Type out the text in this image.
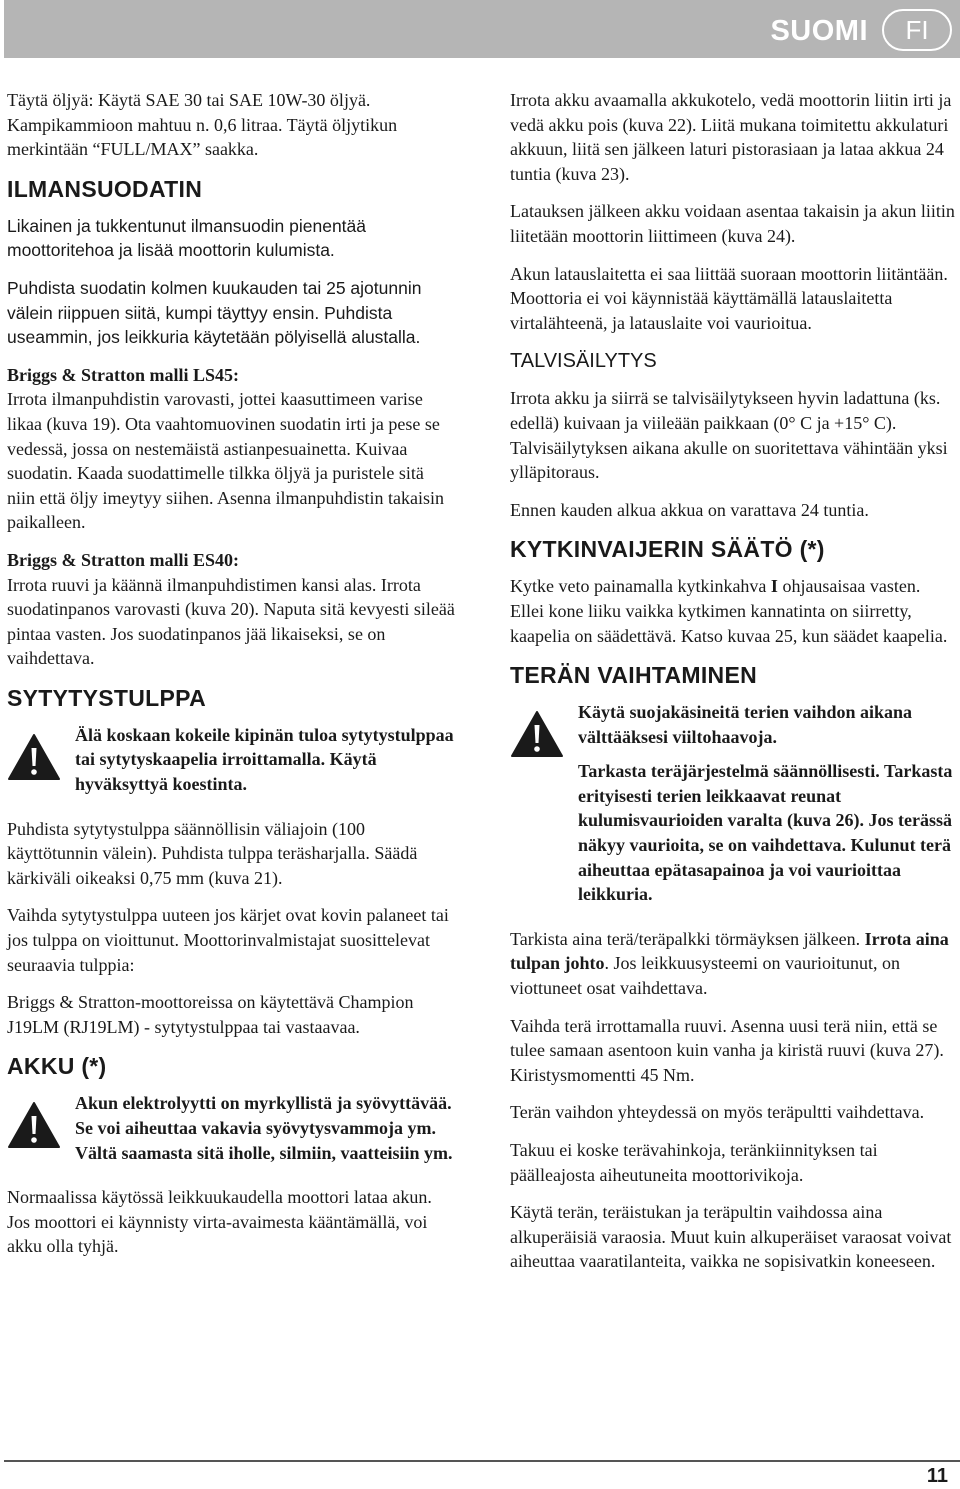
SUOMI	FI

Täytä öljyä: Käytä SAE 30 tai SAE 10W-30 öljyä. Kampikammioon mahtuu n. 0,6 litraa. Täytä öljytikun merkintään “FULL/MAX” saakka.

ILMANSUODATIN

Likainen ja tukkentunut ilmansuodin pienentää moottoritehoa ja lisää moottorin kulumista.

Puhdista suodatin kolmen kuukauden tai 25 ajotunnin välein riippuen siitä, kumpi täyttyy ensin. Puhdista useammin, jos leikkuria käytetään pölyisellä alustalla.

Briggs & Stratton malli LS45:

Irrota ilmanpuhdistin varovasti, jottei kaasuttimeen varise likaa (kuva 19). Ota vaahtomuovinen suodatin irti ja pese se vedessä, jossa on nestemäistä astianpesuainetta. Kuivaa suodatin. Kaada suodattimelle tilkka öljyä ja puristele sitä niin että öljy imeytyy siihen. Asenna ilmanpuhdistin takaisin paikalleen.

Briggs & Stratton malli ES40:

Irrota ruuvi ja käännä ilmanpuhdistimen kansi alas. Irrota suodatinpanos varovasti (kuva 20). Naputa sitä kevyesti sileää pintaa vasten. Jos suodatinpanos jää likaiseksi, se on vaihdettava.

SYTYTYSTULPPA

Älä koskaan kokeile kipinän tuloa sytytystulppaa tai sytytyskaapelia irroittamalla. Käytä hyväksyttyä koestinta.

Puhdista sytytystulppa säännöllisin väliajoin (100 käyttötunnin välein). Puhdista tulppa teräsharjalla. Säädä kärkiväli oikeaksi 0,75 mm (kuva 21).

Vaihda sytytystulppa uuteen jos kärjet ovat kovin palaneet tai jos tulppa on vioittunut. Moottorinvalmistajat suosittelevat seuraavia tulppia:

Briggs & Stratton-moottoreissa on käytettävä Champion J19LM (RJ19LM) - sytytystulppaa tai vastaavaa.

AKKU (*)

Akun elektrolyytti on myrkyllistä ja syövyttävää. Se voi aiheuttaa vakavia syövytysvammoja ym. Vältä saamasta sitä iholle, silmiin, vaatteisiin ym.

Normaalissa käytössä leikkuukaudella moottori lataa akun. Jos moottori ei käynnisty virta-avaimesta kääntämällä, voi akku olla tyhjä.

Irrota akku avaamalla akkukotelo, vedä moottorin liitin irti ja vedä akku pois (kuva 22). Liitä mukana toimitettu akkulaturi akkuun, liitä sen jälkeen laturi pistorasiaan ja lataa akkua 24 tuntia (kuva 23).

Latauksen jälkeen akku voidaan asentaa takaisin ja akun liitin liitetään moottorin liittimeen (kuva 24).

Akun latauslaitetta ei saa liittää suoraan moottorin liitäntään. Moottoria ei voi käynnistää käyttämällä latauslaitetta virtalähteenä, ja latauslaite voi vaurioitua.

TALVISÄILYTYS

Irrota akku ja siirrä se talvisäilytykseen hyvin ladattuna (ks. edellä) kuivaan ja viileään paikkaan (0° C ja +15° C). Talvisäilytyksen aikana akulle on suoritettava vähintään yksi ylläpitoraus.

Ennen kauden alkua akkua on varattava 24 tuntia.

KYTKINVAIJERIN SÄÄTÖ (*)

Kytke veto painamalla kytkinkahva I ohjausaisaa vasten. Ellei kone liiku vaikka kytkimen kannatinta on siirretty, kaapelia on säädettävä. Katso kuvaa 25, kun säädet kaapelia.

TERÄN VAIHTAMINEN

Käytä suojakäsineitä terien vaihdon aikana välttääksesi viiltohaavoja.

Tarkasta teräjärjestelmä säännöllisesti. Tarkasta erityisesti terien leikkaavat reunat kulumisvaurioiden varalta (kuva 26). Jos terässä näkyy vaurioita, se on vaihdettava. Kulunut terä aiheuttaa epätasapainoa ja voi vaurioittaa leikkuria.

Tarkista aina terä/teräpalkki törmäyksen jälkeen. Irrota aina tulpan johto. Jos leikkuusysteemi on vaurioitunut, on viottuneet osat vaihdettava.

Vaihda terä irrottamalla ruuvi. Asenna uusi terä niin, että se tulee samaan asentoon kuin vanha ja kiristä ruuvi (kuva 27). Kiristysmomentti 45 Nm.

Terän vaihdon yhteydessä on myös teräpultti vaihdettava.

Takuu ei koske terävahinkoja, teränkiinnityksen tai päälleajosta aiheutuneita moottorivikoja.

Käytä terän, teräistukan ja teräpultin vaihdossa aina alkuperäisiä varaosia. Muut kuin alkuperäiset varaosat voivat aiheuttaa vaaratilanteita, vaikka ne sopisivatkin koneeseen.

11
